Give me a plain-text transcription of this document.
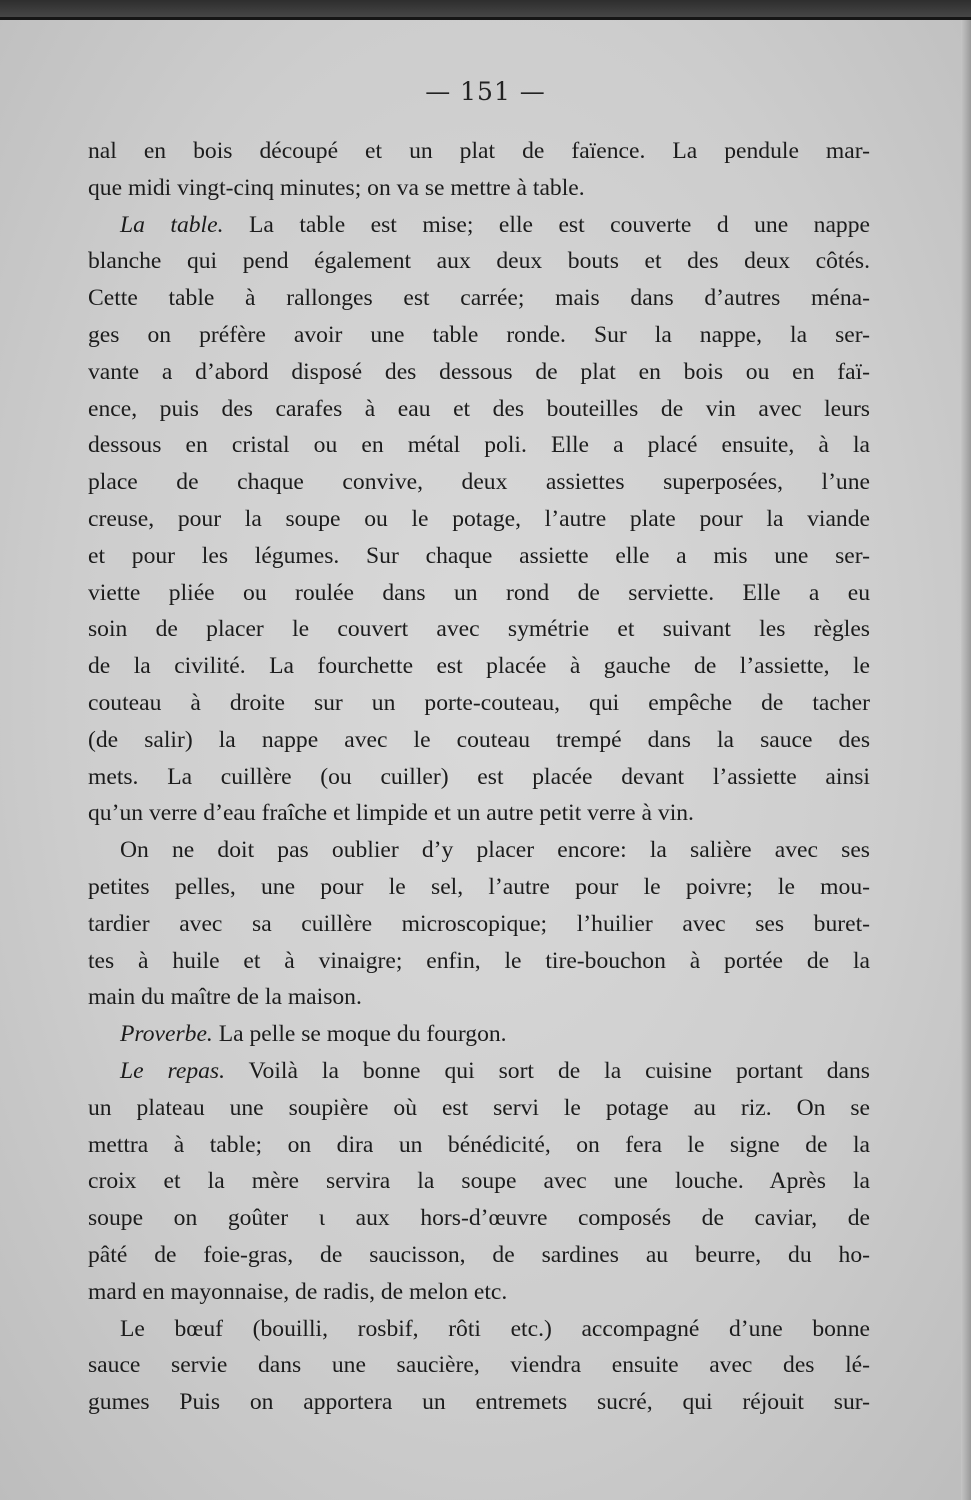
— 151 —
nal en bois découpé et un plat de faïence. La pendule mar-
que midi vingt-cinq minutes; on va se mettre à table.
La table. La table est mise; elle est couverte d une nappe
blanche qui pend également aux deux bouts et des deux côtés.
Cette table à rallonges est carrée; mais dans d’autres ména-
ges on préfère avoir une table ronde. Sur la nappe, la ser-
vante a d’abord disposé des dessous de plat en bois ou en faï-
ence, puis des carafes à eau et des bouteilles de vin avec leurs
dessous en cristal ou en métal poli. Elle a placé ensuite, à la
place de chaque convive, deux assiettes superposées, l’une
creuse, pour la soupe ou le potage, l’autre plate pour la viande
et pour les légumes. Sur chaque assiette elle a mis une ser-
viette pliée ou roulée dans un rond de serviette. Elle a eu
soin de placer le couvert avec symétrie et suivant les règles
de la civilité. La fourchette est placée à gauche de l’assiette, le
couteau à droite sur un porte-couteau, qui empêche de tacher
(de salir) la nappe avec le couteau trempé dans la sauce des
mets. La cuillère (ou cuiller) est placée devant l’assiette ainsi
qu’un verre d’eau fraîche et limpide et un autre petit verre à vin.
On ne doit pas oublier d’y placer encore: la salière avec ses
petites pelles, une pour le sel, l’autre pour le poivre; le mou-
tardier avec sa cuillère microscopique; l’huilier avec ses buret-
tes à huile et à vinaigre; enfin, le tire-bouchon à portée de la
main du maître de la maison.
Proverbe. La pelle se moque du fourgon.
Le repas. Voilà la bonne qui sort de la cuisine portant dans
un plateau une soupière où est servi le potage au riz. On se
mettra à table; on dira un bénédicité, on fera le signe de la
croix et la mère servira la soupe avec une louche. Après la
soupe on goûter ι aux hors-d’œuvre composés de caviar, de
pâté de foie-gras, de saucisson, de sardines au beurre, du ho-
mard en mayonnaise, de radis, de melon etc.
Le bœuf (bouilli, rosbif, rôti etc.) accompagné d’une bonne
sauce servie dans une saucière, viendra ensuite avec des lé-
gumes Puis on apportera un entremets sucré, qui réjouit sur-
